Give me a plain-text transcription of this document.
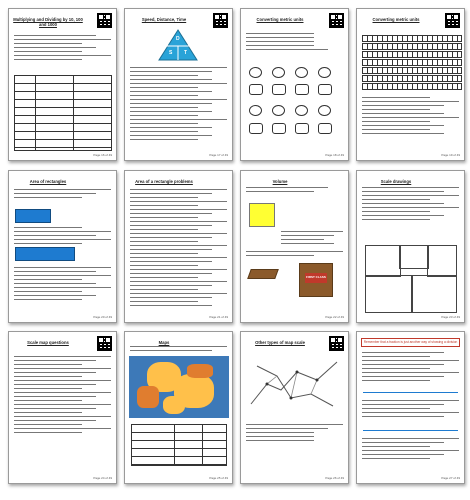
Multiplying and Dividing by 10, 100 and 1000
Page 16 of 49
Speed, Distance, Time
D
S T
Page 17 of 49
Converting metric units
Page 18 of 49
Converting metric units
Page 19 of 49
Area of rectangles
Page 20 of 49
Area of a rectangle problems
Page 21 of 49
Volume
FIRST CLASS
Page 22 of 49
Scale drawings
Page 23 of 49
Scale map questions
Page 24 of 49
Maps
Page 25 of 49
Other types of map scale
Page 26 of 49
Remember that a fraction is just another way of showing a division
Page 27 of 49
